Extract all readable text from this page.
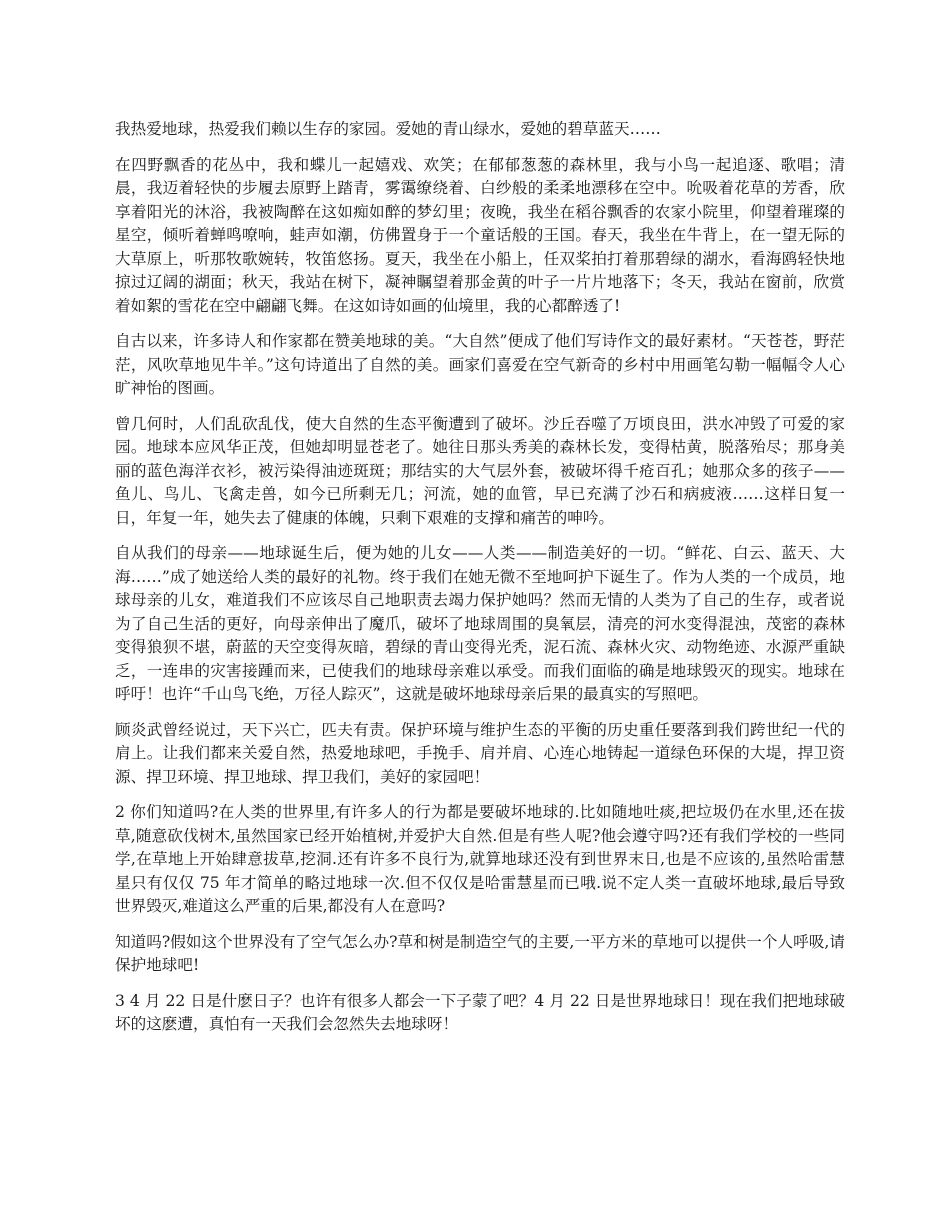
我热爱地球，热爱我们赖以生存的家园。爱她的青山绿水，爱她的碧草蓝天……

在四野飘香的花丛中，我和蝶儿一起嬉戏、欢笑；在郁郁葱葱的森林里，我与小鸟一起追逐、歌唱；清晨，我迈着轻快的步履去原野上踏青，雾霭缭绕着、白纱般的柔柔地漂移在空中。吮吸着花草的芳香，欣享着阳光的沐浴，我被陶醉在这如痴如醉的梦幻里；夜晚，我坐在稻谷飘香的农家小院里，仰望着璀璨的星空，倾听着蝉鸣嘹响，蛙声如潮，仿佛置身于一个童话般的王国。春天，我坐在牛背上，在一望无际的大草原上，听那牧歌婉转，牧笛悠扬。夏天，我坐在小船上，任双桨拍打着那碧绿的湖水，看海鸥轻快地掠过辽阔的湖面；秋天，我站在树下，凝神瞩望着那金黄的叶子一片片地落下；冬天，我站在窗前，欣赏着如絮的雪花在空中翩翩飞舞。在这如诗如画的仙境里，我的心都醉透了!

自古以来，许多诗人和作家都在赞美地球的美。“大自然”便成了他们写诗作文的最好素材。“天苍苍，野茫茫，风吹草地见牛羊。”这句诗道出了自然的美。画家们喜爱在空气新奇的乡村中用画笔勾勒一幅幅令人心旷神怡的图画。

曾几何时，人们乱砍乱伐，使大自然的生态平衡遭到了破坏。沙丘吞噬了万顷良田，洪水冲毁了可爱的家园。地球本应风华正茂，但她却明显苍老了。她往日那头秀美的森林长发，变得枯黄，脱落殆尽；那身美丽的蓝色海洋衣衫，被污染得油迹斑斑；那结实的大气层外套，被破坏得千疮百孔；她那众多的孩子——鱼儿、鸟儿、飞禽走兽，如今已所剩无几；河流，她的血管，早已充满了沙石和病疲液……这样日复一日，年复一年，她失去了健康的体魄，只剩下艰难的支撑和痛苦的呻吟。

自从我们的母亲——地球诞生后，便为她的儿女——人类——制造美好的一切。“鲜花、白云、蓝天、大海……”成了她送给人类的最好的礼物。终于我们在她无微不至地呵护下诞生了。作为人类的一个成员，地球母亲的儿女，难道我们不应该尽自己地职责去竭力保护她吗？然而无情的人类为了自己的生存，或者说为了自己生活的更好，向母亲伸出了魔爪，破坏了地球周围的臭氧层，清亮的河水变得混浊，茂密的森林变得狼狈不堪，蔚蓝的天空变得灰暗，碧绿的青山变得光秃，泥石流、森林火灾、动物绝迹、水源严重缺乏，一连串的灾害接踵而来，已使我们的地球母亲难以承受。而我们面临的确是地球毁灭的现实。地球在呼吁！也许“千山鸟飞绝，万径人踪灭”，这就是破坏地球母亲后果的最真实的写照吧。

顾炎武曾经说过，天下兴亡，匹夫有责。保护环境与维护生态的平衡的历史重任要落到我们跨世纪一代的肩上。让我们都来关爱自然，热爱地球吧，手挽手、肩并肩、心连心地铸起一道绿色环保的大堤，捍卫资源、捍卫环境、捍卫地球、捍卫我们，美好的家园吧！

2 你们知道吗?在人类的世界里,有许多人的行为都是要破坏地球的.比如随地吐痰,把垃圾仍在水里,还在拔草,随意砍伐树木,虽然国家已经开始植树,并爱护大自然.但是有些人呢?他会遵守吗?还有我们学校的一些同学,在草地上开始肆意拔草,挖洞.还有许多不良行为,就算地球还没有到世界末日,也是不应该的,虽然哈雷慧星只有仅仅 75 年才简单的略过地球一次.但不仅仅是哈雷慧星而已哦.说不定人类一直破坏地球,最后导致世界毁灭,难道这么严重的后果,都没有人在意吗?

知道吗?假如这个世界没有了空气怎么办?草和树是制造空气的主要,一平方米的草地可以提供一个人呼吸,请保护地球吧!

3 4 月 22 日是什麽日子？也许有很多人都会一下子蒙了吧？4 月 22 日是世界地球日！现在我们把地球破坏的这麽遭，真怕有一天我们会忽然失去地球呀！
